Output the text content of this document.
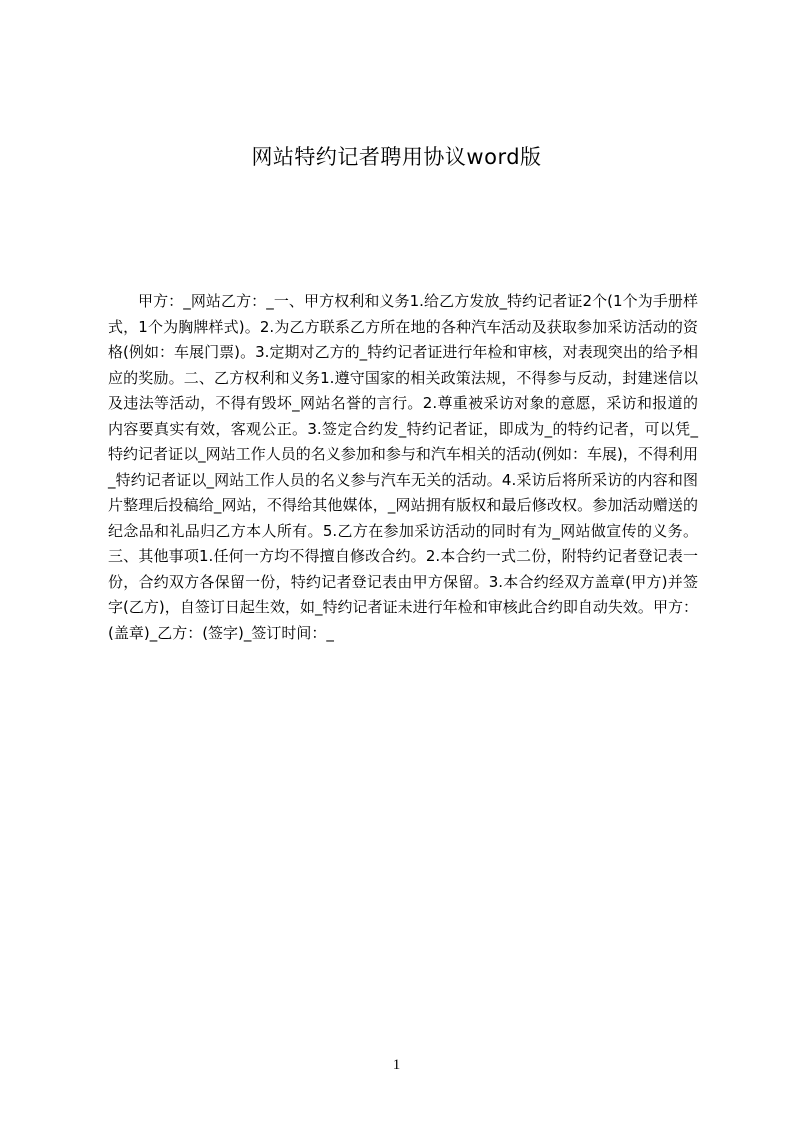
网站特约记者聘用协议word版

甲方：_网站乙方：_一、甲方权利和义务1.给乙方发放_特约记者证2个(1个为手册样式，1个为胸牌样式)。2.为乙方联系乙方所在地的各种汽车活动及获取参加采访活动的资格(例如：车展门票)。3.定期对乙方的_特约记者证进行年检和审核，对表现突出的给予相应的奖励。二、乙方权利和义务1.遵守国家的相关政策法规，不得参与反动，封建迷信以及违法等活动，不得有毁坏_网站名誉的言行。2.尊重被采访对象的意愿，采访和报道的内容要真实有效，客观公正。3.签定合约发_特约记者证，即成为_的特约记者，可以凭_特约记者证以_网站工作人员的名义参加和参与和汽车相关的活动(例如：车展)，不得利用_特约记者证以_网站工作人员的名义参与汽车无关的活动。4.采访后将所采访的内容和图片整理后投稿给_网站，不得给其他媒体，_网站拥有版权和最后修改权。参加活动赠送的纪念品和礼品归乙方本人所有。5.乙方在参加采访活动的同时有为_网站做宣传的义务。三、其他事项1.任何一方均不得擅自修改合约。2.本合约一式二份，附特约记者登记表一份，合约双方各保留一份，特约记者登记表由甲方保留。3.本合约经双方盖章(甲方)并签字(乙方)，自签订日起生效，如_特约记者证未进行年检和审核此合约即自动失效。甲方：(盖章)_乙方：(签字)_签订时间：_

1
